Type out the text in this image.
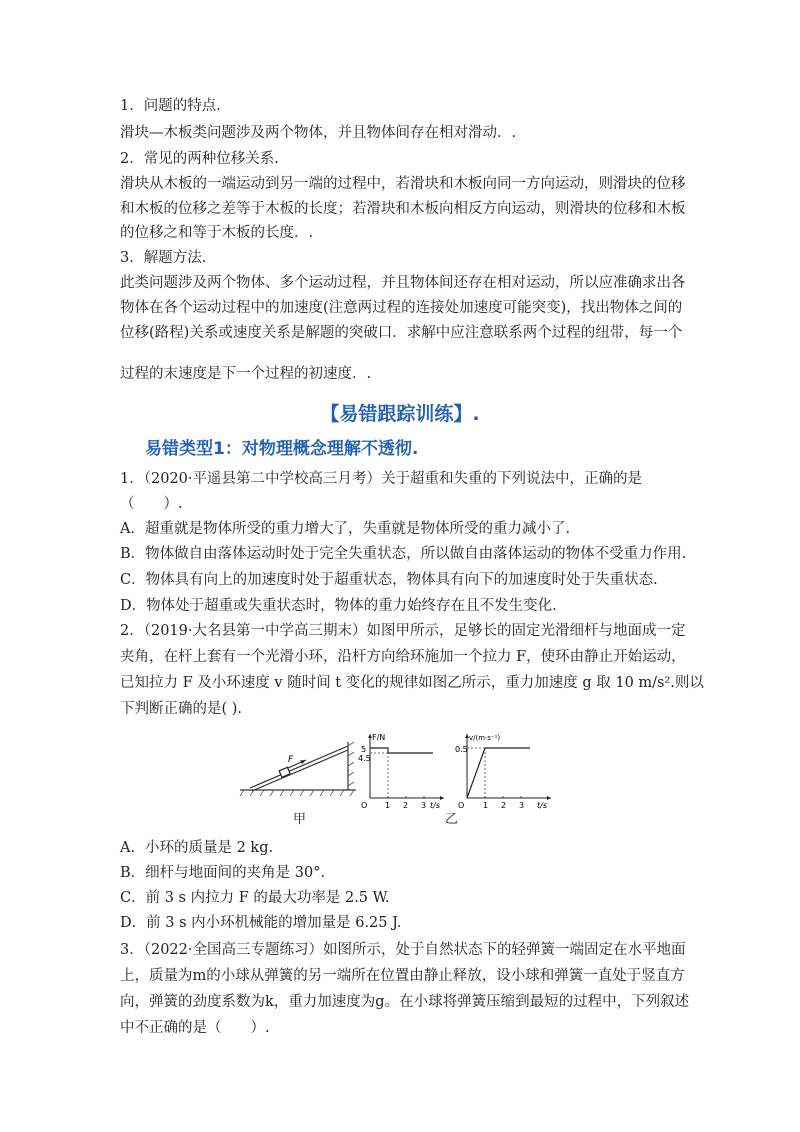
1．问题的特点.
滑块—木板类问题涉及两个物体，并且物体间存在相对滑动．.
2．常见的两种位移关系.
滑块从木板的一端运动到另一端的过程中，若滑块和木板向同一方向运动，则滑块的位移
和木板的位移之差等于木板的长度；若滑块和木板向相反方向运动，则滑块的位移和木板
的位移之和等于木板的长度．.
3．解题方法.
此类问题涉及两个物体、多个运动过程，并且物体间还存在相对运动，所以应准确求出各
物体在各个运动过程中的加速度(注意两过程的连接处加速度可能突变)，找出物体之间的
位移(路程)关系或速度关系是解题的突破口．求解中应注意联系两个过程的纽带，每一个
过程的末速度是下一个过程的初速度．.
【易错跟踪训练】.
易错类型1：对物理概念理解不透彻.
1．（2020·平遥县第二中学校高三月考）关于超重和失重的下列说法中，正确的是
（　　）.
A．超重就是物体所受的重力增大了，失重就是物体所受的重力减小了.
B．物体做自由落体运动时处于完全失重状态，所以做自由落体运动的物体不受重力作用.
C．物体具有向上的加速度时处于超重状态，物体具有向下的加速度时处于失重状态.
D．物体处于超重或失重状态时，物体的重力始终存在且不发生变化.
2．（2019·大名县第一中学高三期末）如图甲所示，足够长的固定光滑细杆与地面成一定
夹角，在杆上套有一个光滑小环，沿杆方向给环施加一个拉力 F，使环由静止开始运动，
已知拉力 F 及小环速度 v 随时间 t 变化的规律如图乙所示，重力加速度 g 取 10 m/s².则以
下判断正确的是( ).
F
F/N
t/s
O
5
4.5
1 2 3
v/(m·s⁻¹)
t/s
O
0.5
1 2 3
甲	乙
A．小环的质量是 2 kg.
B．细杆与地面间的夹角是 30°.
C．前 3 s 内拉力 F 的最大功率是 2.5 W.
D．前 3 s 内小环机械能的增加量是 6.25 J.
3．（2022·全国高三专题练习）如图所示，处于自然状态下的轻弹簧一端固定在水平地面
上，质量为m的小球从弹簧的另一端所在位置由静止释放，设小球和弹簧一直处于竖直方
向，弹簧的劲度系数为k，重力加速度为g。在小球将弹簧压缩到最短的过程中，下列叙述
中不正确的是（　　）.
